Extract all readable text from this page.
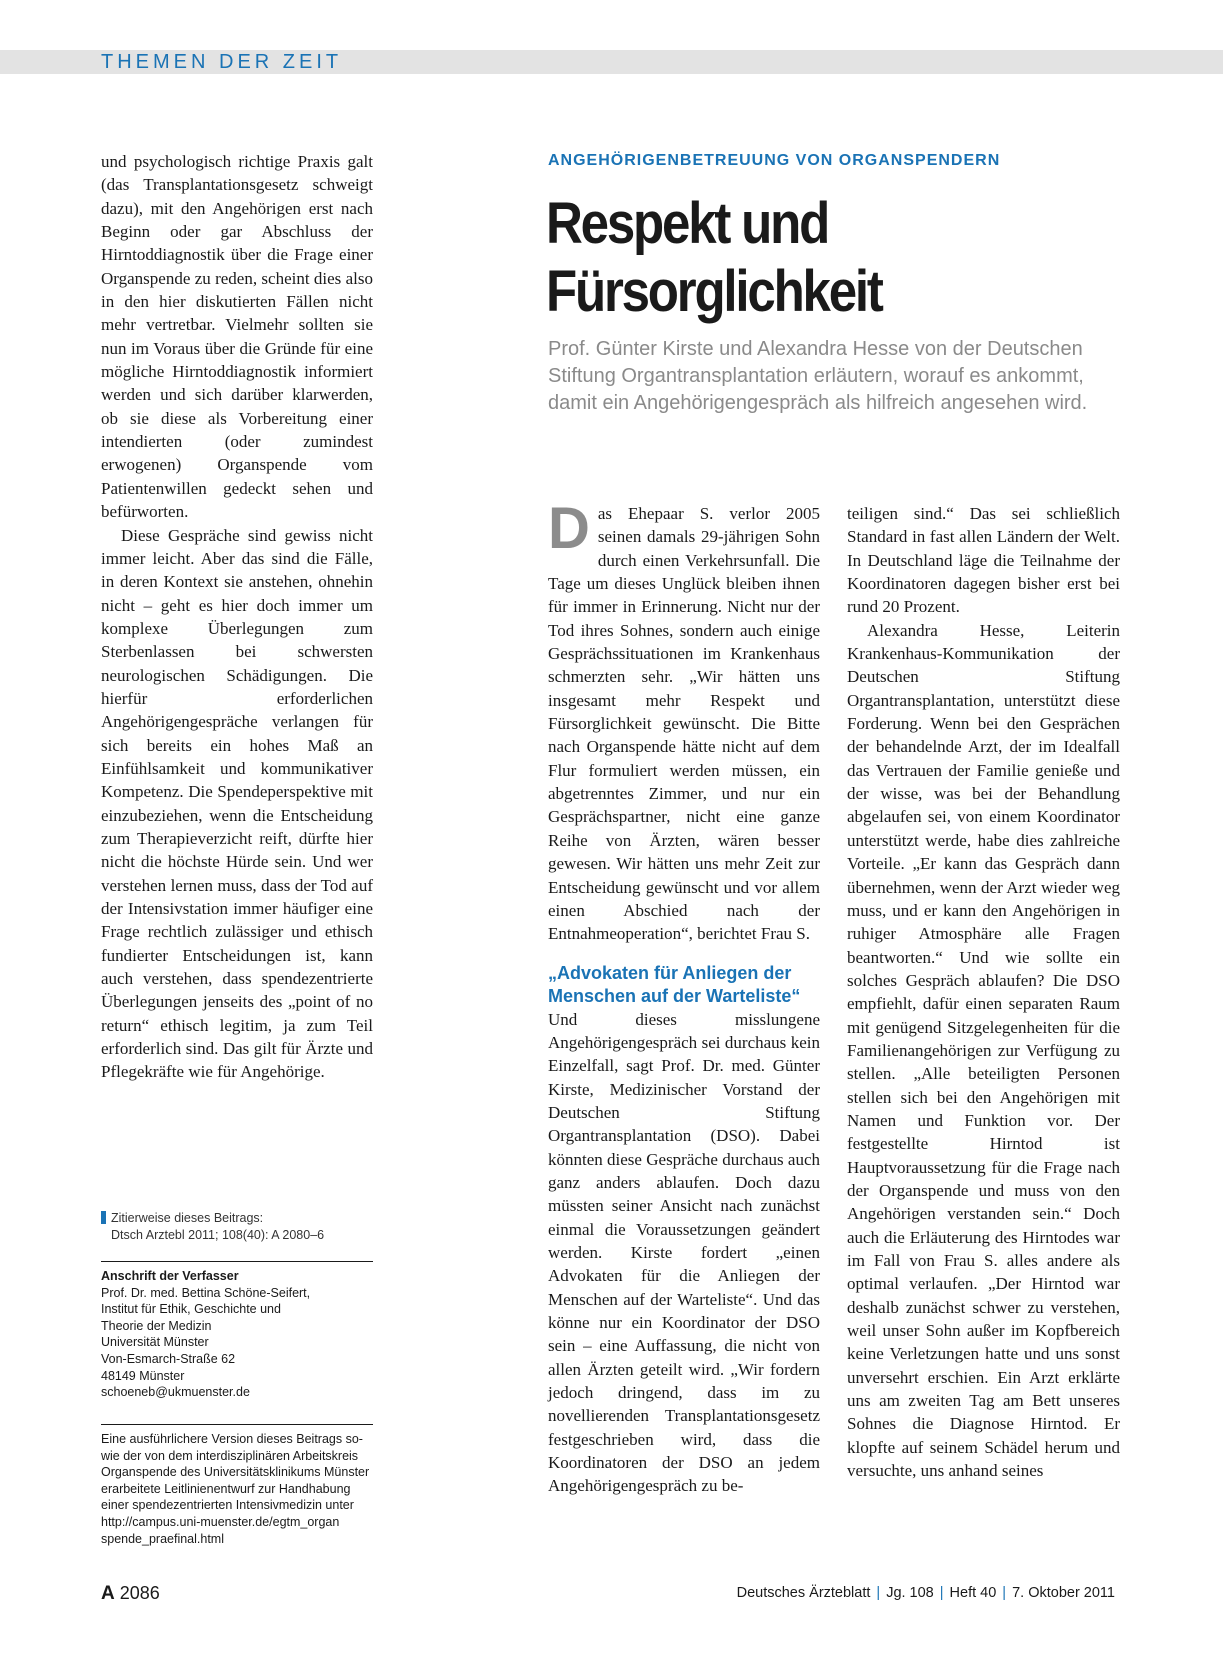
THEMEN DER ZEIT

und psychologisch richtige Praxis galt (das Transplantationsgesetz schweigt dazu), mit den Angehörigen erst nach Beginn oder gar Abschluss der Hirntoddiagnostik über die Frage einer Organspende zu reden, scheint dies also in den hier diskutierten Fällen nicht mehr vertretbar. Vielmehr sollten sie nun im Voraus über die Gründe für eine mögliche Hirntoddiagnostik informiert werden und sich darüber klarwerden, ob sie diese als Vorbereitung einer intendierten (oder zumindest erwogenen) Organspende vom Patientenwillen gedeckt sehen und befürworten.

Diese Gespräche sind gewiss nicht immer leicht. Aber das sind die Fälle, in deren Kontext sie anstehen, ohnehin nicht – geht es hier doch immer um komplexe Überlegungen zum Sterbenlassen bei schwersten neurologischen Schädigungen. Die hierfür erforderlichen Angehörigengespräche verlangen für sich bereits ein hohes Maß an Einfühlsamkeit und kommunikativer Kompetenz. Die Spendeperspektive mit einzubeziehen, wenn die Entscheidung zum Therapieverzicht reift, dürfte hier nicht die höchste Hürde sein. Und wer verstehen lernen muss, dass der Tod auf der Intensivstation immer häufiger eine Frage rechtlich zulässiger und ethisch fundierter Entscheidungen ist, kann auch verstehen, dass spendezentrierte Überlegungen jenseits des „point of no return“ ethisch legitim, ja zum Teil erforderlich sind. Das gilt für Ärzte und Pflegekräfte wie für Angehörige.

Zitierweise dieses Beitrags:
Dtsch Arztebl 2011; 108(40): A 2080–6
Anschrift der Verfasser
Prof. Dr. med. Bettina Schöne-Seifert,
Institut für Ethik, Geschichte und
Theorie der Medizin
Universität Münster
Von-Esmarch-Straße 62
48149 Münster
schoeneb@ukmuenster.de
Eine ausführlichere Version dieses Beitrags so-
wie der von dem interdisziplinären Arbeitskreis
Organspende des Universitätsklinikums Münster
erarbeitete Leitlinienentwurf zur Handhabung
einer spendezentrierten Intensivmedizin unter
http://campus.uni-muenster.de/egtm_organ
spende_praefinal.html
ANGEHÖRIGENBETREUUNG VON ORGANSPENDERN
Respekt und
Fürsorglichkeit
Prof. Günter Kirste und Alexandra Hesse von der Deutschen Stiftung Organtransplantation erläutern, worauf es ankommt, damit ein Angehörigengespräch als hilfreich angesehen wird.

Das Ehepaar S. verlor 2005 seinen damals 29-jährigen Sohn durch einen Verkehrsunfall. Die Tage um dieses Unglück bleiben ihnen für immer in Erinnerung. Nicht nur der Tod ihres Sohnes, sondern auch einige Gesprächssituationen im Krankenhaus schmerzten sehr. „Wir hätten uns insgesamt mehr Respekt und Fürsorglichkeit gewünscht. Die Bitte nach Organspende hätte nicht auf dem Flur formuliert werden müssen, ein abgetrenntes Zimmer, und nur ein Gesprächspartner, nicht eine ganze Reihe von Ärzten, wären besser gewesen. Wir hätten uns mehr Zeit zur Entscheidung gewünscht und vor allem einen Abschied nach der Entnahmeoperation“, berichtet Frau S.

„Advokaten für Anliegen der Menschen auf der Warteliste“

Und dieses misslungene Angehörigengespräch sei durchaus kein Einzelfall, sagt Prof. Dr. med. Günter Kirste, Medizinischer Vorstand der Deutschen Stiftung Organtransplantation (DSO). Dabei könnten diese Gespräche durchaus auch ganz anders ablaufen. Doch dazu müssten seiner Ansicht nach zunächst einmal die Voraussetzungen geändert werden. Kirste fordert „einen Advokaten für die Anliegen der Menschen auf der Warteliste“. Und das könne nur ein Koordinator der DSO sein – eine Auffassung, die nicht von allen Ärzten geteilt wird. „Wir fordern jedoch dringend, dass im zu novellierenden Transplantationsgesetz festgeschrieben wird, dass die Koordinatoren der DSO an jedem Angehörigengespräch zu be-

teiligen sind.“ Das sei schließlich Standard in fast allen Ländern der Welt. In Deutschland läge die Teilnahme der Koordinatoren dagegen bisher erst bei rund 20 Prozent.

Alexandra Hesse, Leiterin Krankenhaus-Kommunikation der Deutschen Stiftung Organtransplantation, unterstützt diese Forderung. Wenn bei den Gesprächen der behandelnde Arzt, der im Idealfall das Vertrauen der Familie genieße und der wisse, was bei der Behandlung abgelaufen sei, von einem Koordinator unterstützt werde, habe dies zahlreiche Vorteile. „Er kann das Gespräch dann übernehmen, wenn der Arzt wieder weg muss, und er kann den Angehörigen in ruhiger Atmosphäre alle Fragen beantworten.“ Und wie sollte ein solches Gespräch ablaufen? Die DSO empfiehlt, dafür einen separaten Raum mit genügend Sitzgelegenheiten für die Familienangehörigen zur Verfügung zu stellen. „Alle beteiligten Personen stellen sich bei den Angehörigen mit Namen und Funktion vor. Der festgestellte Hirntod ist Hauptvoraussetzung für die Frage nach der Organspende und muss von den Angehörigen verstanden sein.“ Doch auch die Erläuterung des Hirntodes war im Fall von Frau S. alles andere als optimal verlaufen. „Der Hirntod war deshalb zunächst schwer zu verstehen, weil unser Sohn außer im Kopfbereich keine Verletzungen hatte und uns sonst unversehrt erschien. Ein Arzt erklärte uns am zweiten Tag am Bett unseres Sohnes die Diagnose Hirntod. Er klopfte auf seinem Schädel herum und versuchte, uns anhand seines

A 2086	Deutsches Ärzteblatt | Jg. 108 | Heft 40 | 7. Oktober 2011
